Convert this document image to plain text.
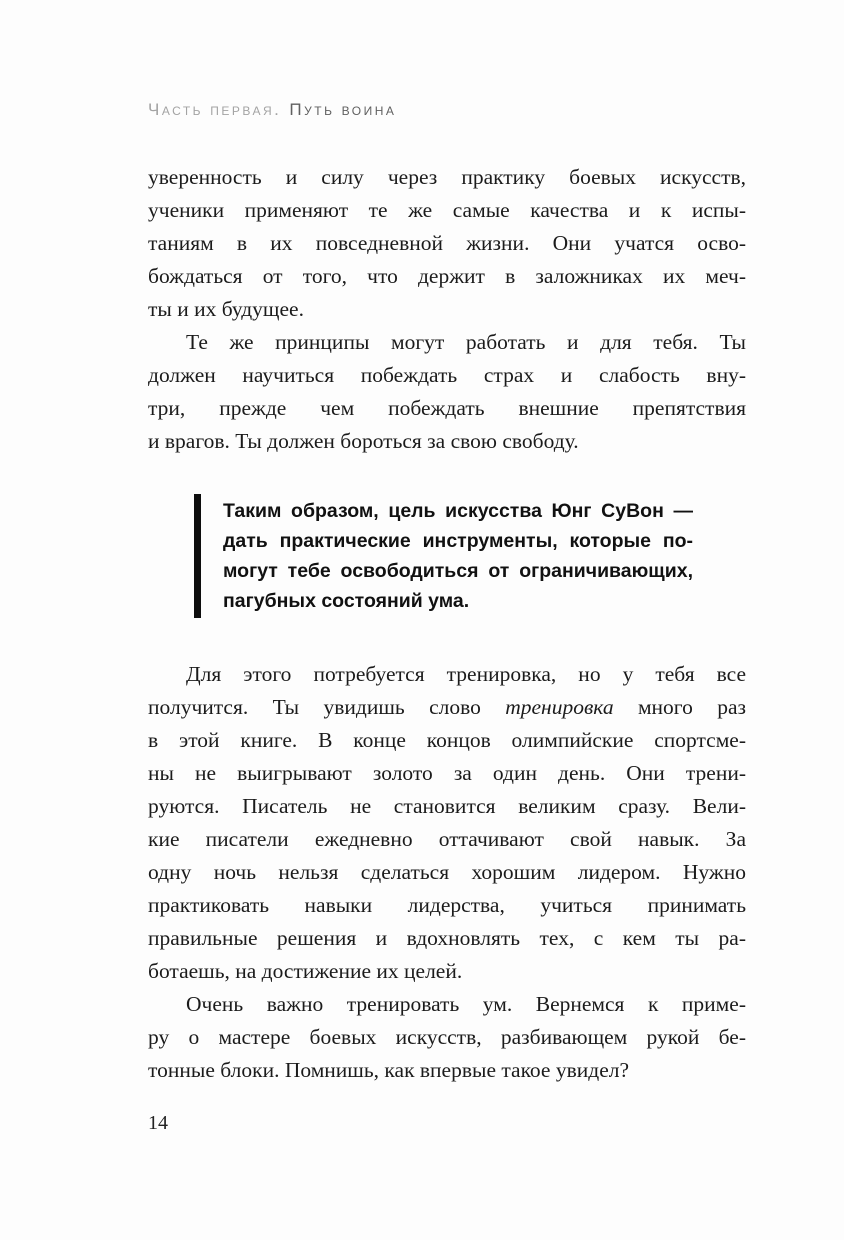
Часть первая. Путь воина
уверенность и силу через практику боевых искусств,
ученики применяют те же самые качества и к испы-
таниям в их повседневной жизни. Они учатся осво-
бождаться от того, что держит в заложниках их меч-
ты и их будущее.
Те же принципы могут работать и для тебя. Ты
должен научиться побеждать страх и слабость вну-
три, прежде чем побеждать внешние препятствия
и врагов. Ты должен бороться за свою свободу.
Таким образом, цель искусства Юнг СуВон —
дать практические инструменты, которые по-
могут тебе освободиться от ограничивающих,
пагубных состояний ума.
Для этого потребуется тренировка, но у тебя все
получится. Ты увидишь слово тренировка много раз
в этой книге. В конце концов олимпийские спортсме-
ны не выигрывают золото за один день. Они трени-
руются. Писатель не становится великим сразу. Вели-
кие писатели ежедневно оттачивают свой навык. За
одну ночь нельзя сделаться хорошим лидером. Нужно
практиковать навыки лидерства, учиться принимать
правильные решения и вдохновлять тех, с кем ты ра-
ботаешь, на достижение их целей.
Очень важно тренировать ум. Вернемся к приме-
ру о мастере боевых искусств, разбивающем рукой бе-
тонные блоки. Помнишь, как впервые такое увидел?
14
